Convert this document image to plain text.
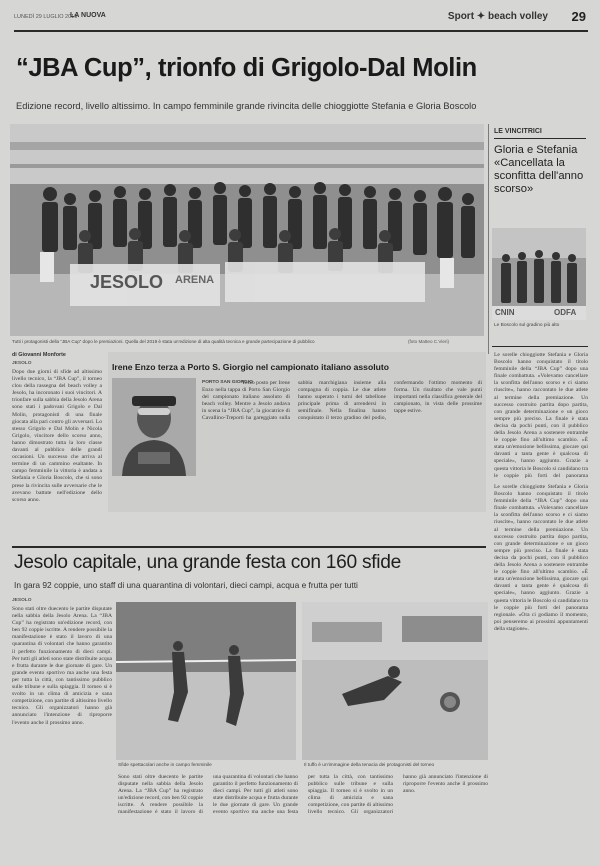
LUNEDÌ 29 LUGLIO 2019
LA NUOVA	Sport ✦ beach volley 29
“JBA Cup”, trionfo di Grigolo-Dal Molin
Edizione record, livello altissimo. In campo femminile grande rivincita delle chioggiotte Stefania e Gloria Boscolo
JESOLO ARENA
Tutti i protagonisti della “JBA Cup” dopo le premiazioni. Quella del 2019 è stata un'edizione di alta qualità tecnica e grande partecipazione di pubblico	(foto Matteo C.Vieri)
LE VINCITRICI
Gloria e Stefania «Cancellata la sconfitta dell'anno scorso»
CNIN	ODFA
Le Boscolo sul gradino più alto
Le sorelle chioggiotte Stefania e Gloria Boscolo hanno conquistato il titolo femminile della “JBA Cup” dopo una finale combattuta. «Volevamo cancellare la sconfitta dell'anno scorso e ci siamo riuscite», hanno raccontato le due atlete al termine della premiazione. Un successo costruito partita dopo partita, con grande determinazione e un gioco sempre più preciso. La finale è stata decisa da pochi punti, con il pubblico della Jesolo Arena a sostenere entrambe le coppie fino all'ultimo scambio. «È stata un'emozione bellissima, giocare qui davanti a tanta gente è qualcosa di speciale», hanno aggiunto. Grazie a questa vittoria le Boscolo si candidano tra le coppie più forti del panorama
di Giovanni Monforte
JESOLO
Dopo due giorni di sfide ad altissimo livello tecnico, la “JBA Cup”, il torneo clou della rassegna del beach volley a Jesolo, ha incoronato i suoi vincitori. A trionfare sulla sabbia della Jesolo Arena sono stati i padovani Grigolo e Dal Molin, protagonisti di una finale giocata alla pari contro gli avversari. Lo stesso Grigolo e Dal Molin e Nicola Grigolo, vincitore dello scorso anno, hanno dimostrato tutta la loro classe davanti al pubblico delle grandi occasioni. Un successo che arriva al termine di un cammino esaltante. In campo femminile la vittoria è andata a Stefania e Gloria Boscolo, che si sono prese la rivincita sulle avversarie che le avevano battute nell'edizione dello scorso anno.
Irene Enzo terza a Porto S. Giorgio nel campionato italiano assoluto
PORTO SAN GIORGIO
Terzo posto per Irene Enzo nella tappa di Porto San Giorgio del campionato italiano assoluto di beach volley. Mentre a Jesolo andava in scena la “JBA Cup”, la giocatrice di Cavallino-Treporti ha gareggiato sulla sabbia marchigiana insieme alla compagna di coppia. Le due atlete hanno superato i turni del tabellone principale prima di arrendersi in semifinale. Nella finalina hanno conquistato il terzo gradino del podio, confermando l'ottimo momento di forma. Un risultato che vale punti importanti nella classifica generale del campionato, in vista delle prossime tappe estive.
Jesolo capitale, una grande festa con 160 sfide
In gara 92 coppie, uno staff di una quarantina di volontari, dieci campi, acqua e frutta per tutti
JESOLO
Sono stati oltre duecento le partite disputate nella sabbia della Jesolo Arena. La “JBA Cup” ha registrato un'edizione record, con ben 92 coppie iscritte. A rendere possibile la manifestazione è stato il lavoro di una quarantina di volontari che hanno garantito il perfetto funzionamento di dieci campi. Per tutti gli atleti sono state distribuite acqua e frutta durante le due giornate di gare. Un grande evento sportivo ma anche una festa per tutta la città, con tantissimo pubblico sulle tribune e sulla spiaggia. Il torneo si è svolto in un clima di amicizia e sana competizione, con partite di altissimo livello tecnico. Gli organizzatori hanno già annunciato l'intenzione di riproporre l'evento anche il prossimo anno.
Sfide spettacolari anche in campo femminile	Il tuffo è un'immagine della tenacia dei protagonisti del torneo
Sono stati oltre duecento le partite disputate nella sabbia della Jesolo Arena. La “JBA Cup” ha registrato un'edizione record, con ben 92 coppie iscritte. A rendere possibile la manifestazione è stato il lavoro di una quarantina di volontari che hanno garantito il perfetto funzionamento di dieci campi. Per tutti gli atleti sono state distribuite acqua e frutta durante le due giornate di gare. Un grande evento sportivo ma anche una festa per tutta la città, con tantissimo pubblico sulle tribune e sulla spiaggia. Il torneo si è svolto in un clima di amicizia e sana competizione, con partite di altissimo livello tecnico. Gli organizzatori hanno già annunciato l'intenzione di riproporre l'evento anche il prossimo anno.
Le sorelle chioggiotte Stefania e Gloria Boscolo hanno conquistato il titolo femminile della “JBA Cup” dopo una finale combattuta. «Volevamo cancellare la sconfitta dell'anno scorso e ci siamo riuscite», hanno raccontato le due atlete al termine della premiazione. Un successo costruito partita dopo partita, con grande determinazione e un gioco sempre più preciso. La finale è stata decisa da pochi punti, con il pubblico della Jesolo Arena a sostenere entrambe le coppie fino all'ultimo scambio. «È stata un'emozione bellissima, giocare qui davanti a tanta gente è qualcosa di speciale», hanno aggiunto. Grazie a questa vittoria le Boscolo si candidano tra le coppie più forti del panorama regionale. «Ora ci godiamo il momento, poi penseremo ai prossimi appuntamenti della stagione».
